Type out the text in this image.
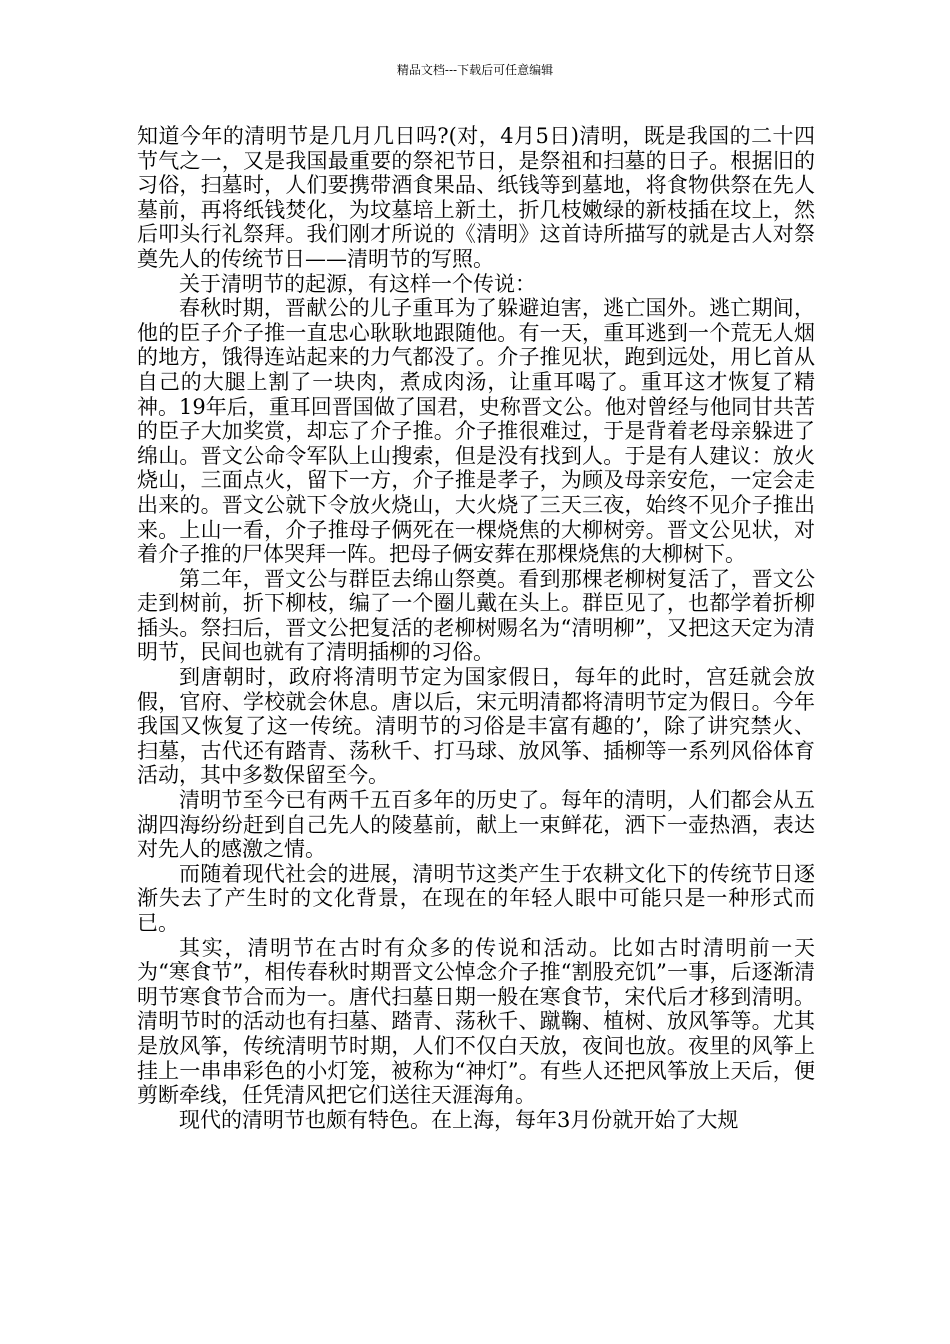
精品文档---下载后可任意编辑

知道今年的清明节是几月几日吗?(对，4月5日)清明，既是我国的二十四节气之一，又是我国最重要的祭祀节日，是祭祖和扫墓的日子。根据旧的习俗，扫墓时，人们要携带酒食果品、纸钱等到墓地，将食物供祭在先人墓前，再将纸钱焚化，为坟墓培上新土，折几枝嫩绿的新枝插在坟上，然后叩头行礼祭拜。我们刚才所说的《清明》这首诗所描写的就是古人对祭奠先人的传统节日——清明节的写照。

关于清明节的起源，有这样一个传说：

春秋时期，晋献公的儿子重耳为了躲避迫害，逃亡国外。逃亡期间，他的臣子介子推一直忠心耿耿地跟随他。有一天，重耳逃到一个荒无人烟的地方，饿得连站起来的力气都没了。介子推见状，跑到远处，用匕首从自己的大腿上割了一块肉，煮成肉汤，让重耳喝了。重耳这才恢复了精神。19年后，重耳回晋国做了国君，史称晋文公。他对曾经与他同甘共苦的臣子大加奖赏，却忘了介子推。介子推很难过，于是背着老母亲躲进了绵山。晋文公命令军队上山搜索，但是没有找到人。于是有人建议：放火烧山，三面点火，留下一方，介子推是孝子，为顾及母亲安危，一定会走出来的。晋文公就下令放火烧山，大火烧了三天三夜，始终不见介子推出来。上山一看，介子推母子俩死在一棵烧焦的大柳树旁。晋文公见状，对着介子推的尸体哭拜一阵。把母子俩安葬在那棵烧焦的大柳树下。

第二年，晋文公与群臣去绵山祭奠。看到那棵老柳树复活了，晋文公走到树前，折下柳枝，编了一个圈儿戴在头上。群臣见了，也都学着折柳插头。祭扫后，晋文公把复活的老柳树赐名为“清明柳”，又把这天定为清明节，民间也就有了清明插柳的习俗。

到唐朝时，政府将清明节定为国家假日，每年的此时，宫廷就会放假，官府、学校就会休息。唐以后，宋元明清都将清明节定为假日。今年我国又恢复了这一传统。清明节的习俗是丰富有趣的’，除了讲究禁火、扫墓，古代还有踏青、荡秋千、打马球、放风筝、插柳等一系列风俗体育活动，其中多数保留至今。

清明节至今已有两千五百多年的历史了。每年的清明，人们都会从五湖四海纷纷赶到自己先人的陵墓前，献上一束鲜花，洒下一壶热酒，表达对先人的感激之情。

而随着现代社会的进展，清明节这类产生于农耕文化下的传统节日逐渐失去了产生时的文化背景，在现在的年轻人眼中可能只是一种形式而已。

其实，清明节在古时有众多的传说和活动。比如古时清明前一天为“寒食节”，相传春秋时期晋文公悼念介子推“割股充饥”一事，后逐渐清明节寒食节合而为一。唐代扫墓日期一般在寒食节，宋代后才移到清明。清明节时的活动也有扫墓、踏青、荡秋千、蹴鞠、植树、放风筝等。尤其是放风筝，传统清明节时期，人们不仅白天放，夜间也放。夜里的风筝上挂上一串串彩色的小灯笼，被称为“神灯”。有些人还把风筝放上天后，便剪断牵线，任凭清风把它们送往天涯海角。

现代的清明节也颇有特色。在上海，每年3月份就开始了大规
